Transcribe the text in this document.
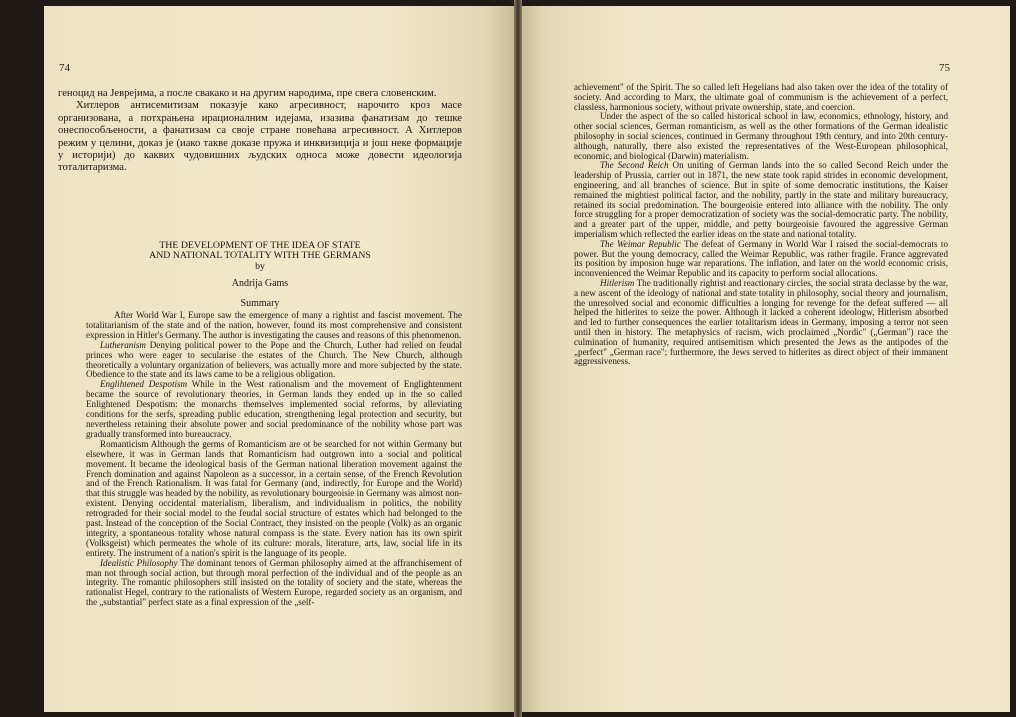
74

геноцид на Јеврејима, а после свакако и на другим народима, пре свега словенским.

Хитлеров антисемитизам показује како агресивност, нарочито кроз масе организована, а потхрањена ирационалним идејама, изазива фанатизам до тешке онеспособљености, а фанатизам са своје стране повећава агресивност. А Хитлеров режим у целини, доказ је (иако такве доказе пружа и инквизиција и још неке формације у историји) до каквих чудовишних људских односа може довести идеологија тоталитаризма.

THE DEVELOPMENT OF THE IDEA OF STATE
AND NATIONAL TOTALITY WITH THE GERMANS
by
Andrija Gams
Summary

After World War I, Europe saw the emergence of many a rightist and fascist movement. The totalitarianism of the state and of the nation, however, found its most comprehensive and consistent expression in Hitler's Germany. The author is investigating the causes and reasons of this phenomenon.

Lutheranism Denying political power to the Pope and the Church, Luther had relied on feudal princes who were eager to secularise the estates of the Church. The New Church, although theoretically a voluntary organization of believers, was actually more and more subjected by the state. Obedience to the state and its laws came to be a religious obligation.

Englihtened Despotism While in the West rationalism and the movement of Englightenment became the source of revolutionary theories, in German lands they ended up in the so called Enlightened Despotism: the monarchs themselves implemented social reforms, by alleviating conditions for the serfs, spreading public education, strengthening legal protection and security, but nevertheless retaining their absolute power and social predominance of the nobility whose part was gradually transformed into bureaucracy.

Romanticism Although the germs of Romanticism are ot be searched for not within Germany but elsewhere, it was in German lands that Romanticism had outgrown into a social and political movement. It became the ideological basis of the German national liberation movement against the French domination and against Napoleon as a successor, in a certain sense, of the French Revolution and of the French Rationalism. It was fatal for Germany (and, indirectly, for Europe and the World) that this struggle was headed by the nobility, as revolutionary bourgeoisie in Germany was almost non-existent. Denying occidental materialism, liberalism, and individualism in politics, the nobility retrograded for their social model to the feudal social structure of estates which had belonged to the past. Instead of the conception of the Social Contract, they insisted on the people (Volk) as an organic integrity, a spontaneous totality whose natural compass is the state. Every nation has its own spirit (Volksgeist) which permeates the whole of its culture: morals, literature, arts, law, social life in its entirety. The instrument of a nation's spirit is the language of its people.

Idealistic Philosophy The dominant tenors of German philosophy aimed at the affranchisement of man not through social action, but through moral perfection of the individual and of the people as an integrity. The romantic philosophers still insisted on the totality of society and the state, whereas the rationalist Hegel, contrary to the rationalists of Western Europe, regarded society as an organism, and the „substantial" perfect state as a final expression of the „self-

75

achievement" of the Spirit. The so called left Hegelians had also taken over the idea of the totality of society. And according to Marx, the ultimate goal of communism is the achievement of a perfect, classless, harmonious society, without private ownership, state, and coercion.

Under the aspect of the so called historical school in law, economics, ethnology, history, and other social sciences, German romanticism, as well as the other formations of the German idealistic philosophy in social sciences, continued in Germany throughout 19th century, and into 20th century-although, naturally, there also existed the representatives of the West-European philosophical, economic, and biological (Darwin) materialism.

The Second Reich On uniting of German lands into the so called Second Reich under the leadership of Prussia, carrier out in 1871, the new state took rapid strides in economic development, engineering, and all branches of science. But in spite of some democratic institutions, the Kaiser remained the mightiest political factor, and the nobility, partly in the state and military bureaucracy, retained its social predomination. The bourgeoisie entered into alliance with the nobility. The only force struggling for a proper democratization of society was the social-democratic party. The nobility, and a greater part of the upper, middle, and petty bourgeoisie favoured the aggressive German imperialism which reflected the earlier ideas on the state and national totality.

The Weimar Republic The defeat of Germany in World War I raised the social-democrats to power. But the young democracy, called the Weimar Republic, was rather fragile. France aggrevated its position by imposion huge war reparations. The inflation, and later on the world economic crisis, inconvenienced the Weimar Republic and its capacity to perform social allocations.

Hitlerism The traditionally rightist and reactionary circles, the social strata declasse by the war, a new ascent of the ideology of national and state totality in philosophy, social theory and journalism, the unresolved social and economic difficulties a longing for revenge for the defeat suffered — all helped the hitlerites to seize the power. Although it lacked a coherent ideologw, Hitlerism absorbed and led to further consequences the earlier totalitarism ideas in Germany, imposing a terror not seen until then in history. The metaphysics of racism, wich proclaimed „Nordic" („German") race the culmination of humanity, required antisemitism which presented the Jews as the antipodes of the „perfect" „German race"; furthermore, the Jews served to hitlerites as direct object of their immanent aggressiveness.
